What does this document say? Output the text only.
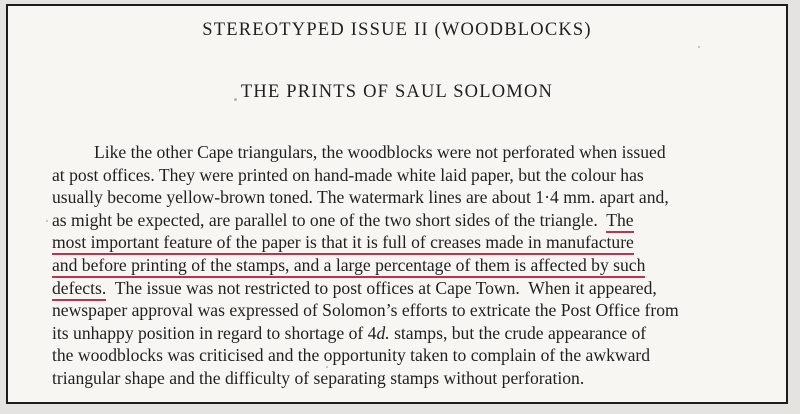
STEREOTYPED ISSUE II (WOODBLOCKS)
THE PRINTS OF SAUL SOLOMON
Like the other Cape triangulars, the woodblocks were not perforated when issued
at post offices. They were printed on hand-made white laid paper, but the colour has
usually become yellow-brown toned. The watermark lines are about 1·4 mm. apart and,
as might be expected, are parallel to one of the two short sides of the triangle.  The
most important feature of the paper is that it is full of creases made in manufacture
and before printing of the stamps, and a large percentage of them is affected by such
defects.  The issue was not restricted to post offices at Cape Town.  When it appeared,
newspaper approval was expressed of Solomon’s efforts to extricate the Post Office from
its unhappy position in regard to shortage of 4d. stamps, but the crude appearance of
the woodblocks was criticised and the opportunity taken to complain of the awkward
triangular shape and the difficulty of separating stamps without perforation.
